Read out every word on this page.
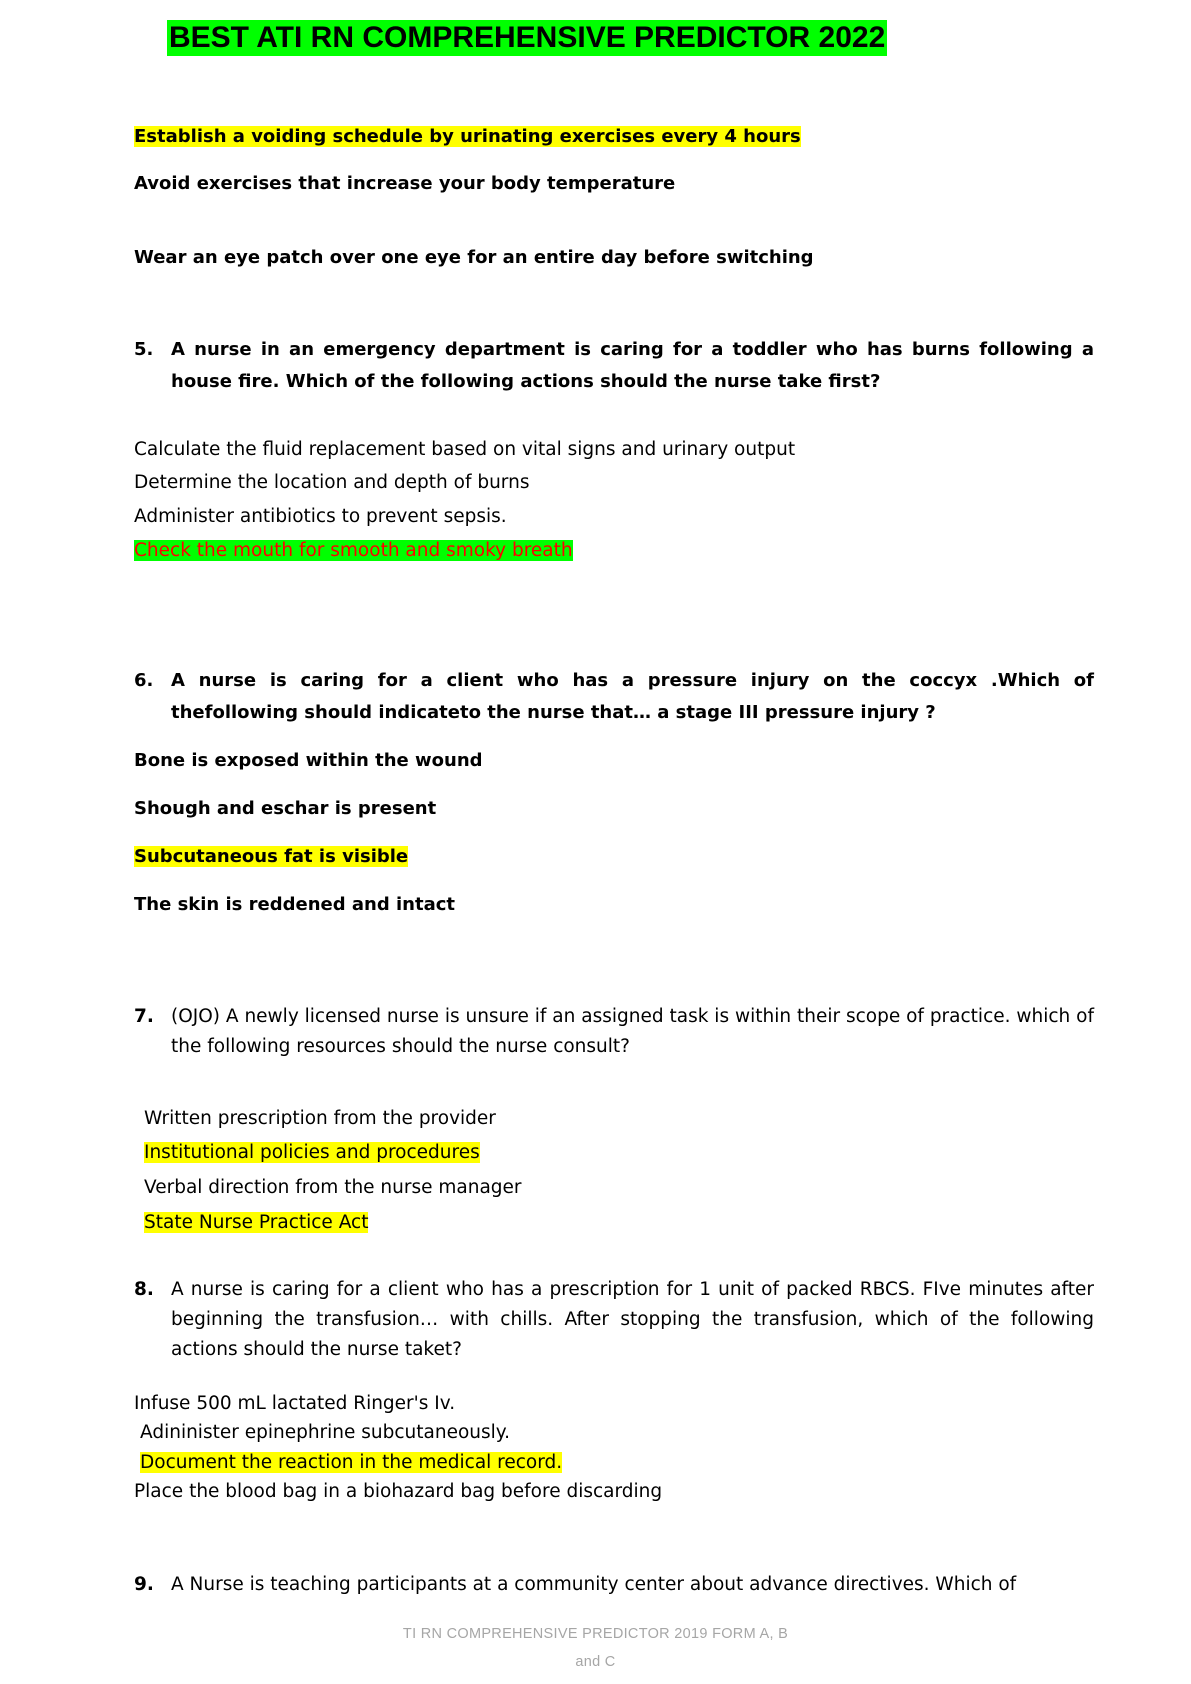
BEST ATI RN COMPREHENSIVE PREDICTOR 2022
Establish a voiding schedule by urinating exercises every 4 hours
Avoid exercises that increase your body temperature
Wear an eye patch over one eye for an entire day before switching
5. A nurse in an emergency department is caring for a toddler who has burns following a house fire. Which of the following actions should the nurse take first?
Calculate the fluid replacement based on vital signs and urinary output
Determine the location and depth of burns
Administer antibiotics to prevent sepsis.
Check the mouth for smooth and smoky breath
6. A nurse is caring for a client who has a pressure injury on the coccyx .Which of thefollowing should indicateto the nurse that… a stage III pressure injury ?
Bone is exposed within the wound
Shough and eschar is present
Subcutaneous fat is visible
The skin is reddened and intact
7. (OJO) A newly licensed nurse is unsure if an assigned task is within their scope of practice. which of the following resources should the nurse consult?
Written prescription from the provider
Institutional policies and procedures
Verbal direction from the nurse manager
State Nurse Practice Act
8. A nurse is caring for a client who has a prescription for 1 unit of packed RBCS. FIve minutes after beginning the transfusion… with chills. After stopping the transfusion, which of the following actions should the nurse taket?
Infuse 500 mL lactated Ringer's Iv.
Adininister epinephrine subcutaneously.
Document the reaction in the medical record.
Place the blood bag in a biohazard bag before discarding
9. A Nurse is teaching participants at a community center about advance directives. Which of
TI RN COMPREHENSIVE PREDICTOR 2019 FORM A, B
and C
